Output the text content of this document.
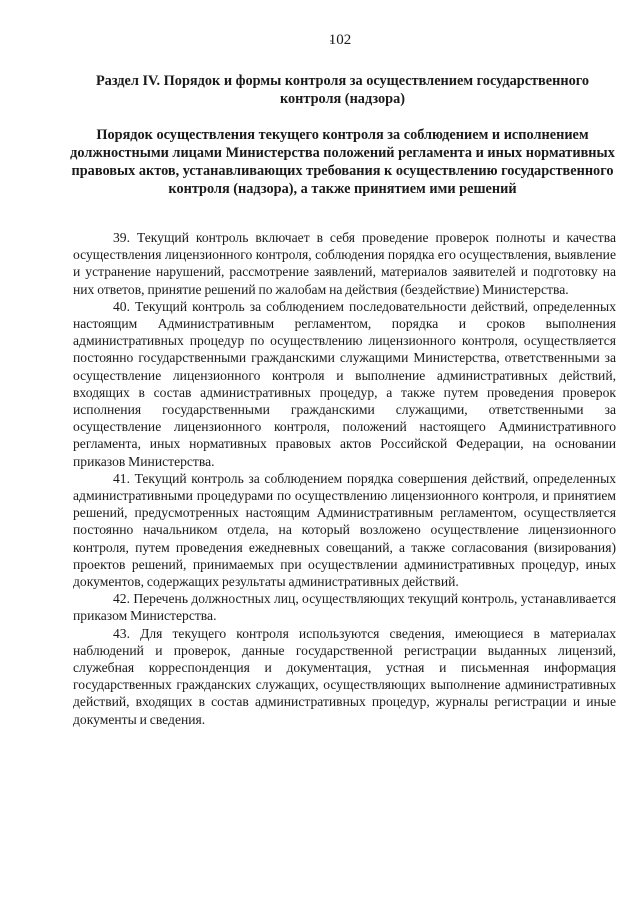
102
Раздел IV. Порядок и формы контроля за осуществлением государственного контроля (надзора)
Порядок осуществления текущего контроля за соблюдением и исполнением должностными лицами Министерства положений регламента и иных нормативных правовых актов, устанавливающих требования к осуществлению государственного контроля (надзора), а также принятием ими решений

39. Текущий контроль включает в себя проведение проверок полноты и качества осуществления лицензионного контроля, соблюдения порядка его осуществления, выявление и устранение нарушений, рассмотрение заявлений, материалов заявителей и подготовку на них ответов, принятие решений по жалобам на действия (бездействие) Министерства.

40. Текущий контроль за соблюдением последовательности действий, определенных настоящим Административным регламентом, порядка и сроков выполнения административных процедур по осуществлению лицензионного контроля, осуществляется постоянно государственными гражданскими служащими Министерства, ответственными за осуществление лицензионного контроля и выполнение административных действий, входящих в состав административных процедур, а также путем проведения проверок исполнения государственными гражданскими служащими, ответственными за осуществление лицензионного контроля, положений настоящего Административного регламента, иных нормативных правовых актов Российской Федерации, на основании приказов Министерства.

41. Текущий контроль за соблюдением порядка совершения действий, определенных административными процедурами по осуществлению лицензионного контроля, и принятием решений, предусмотренных настоящим Административным регламентом, осуществляется постоянно начальником отдела, на который возложено осуществление лицензионного контроля, путем проведения ежедневных совещаний, а также согласования (визирования) проектов решений, принимаемых при осуществлении административных процедур, иных документов, содержащих результаты административных действий.

42. Перечень должностных лиц, осуществляющих текущий контроль, устанавливается приказом Министерства.

43. Для текущего контроля используются сведения, имеющиеся в материалах наблюдений и проверок, данные государственной регистрации выданных лицензий, служебная корреспонденция и документация, устная и письменная информация государственных гражданских служащих, осуществляющих выполнение административных действий, входящих в состав административных процедур, журналы регистрации и иные документы и сведения.
